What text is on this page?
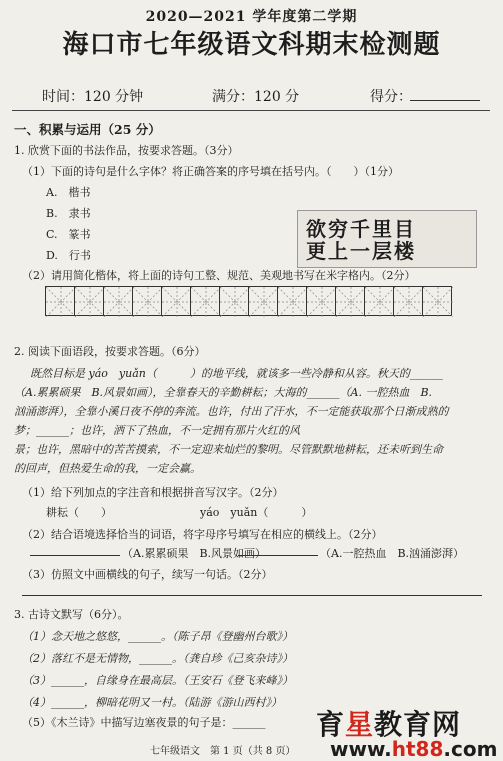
2020—2021 学年度第二学期
海口市七年级语文科期末检测题
时间：120 分钟	满分：120 分	得分：
一、积累与运用（25 分）
1. 欣赏下面的书法作品，按要求答题。（3分）
（1）下面的诗句是什么字体？将正确答案的序号填在括号内。（　　）（1分）
A.　楷书
B.　隶书
C.　篆书
D.　行书
欲穷千里目
更上一层楼
（2）请用简化楷体，将上面的诗句工整、规范、美观地书写在米字格内。（2分）
2. 阅读下面语段，按要求答题。（6分）
既然目标是 yáo　yuǎn（　　　）的地平线，就该多一些冷静和从容。秋天的______
（A.累累硕果　B.风景如画），全靠春天的辛勤耕耘；大海的______（A. 一腔热血　B.
汹涌澎湃），全靠小溪日夜不停的奔流。也许，付出了汗水，不一定能获取那个日渐成熟的
梦；______；也许，洒下了热血，不一定拥有那片火红的风
景；也许，黑暗中的苦苦摸索，不一定迎来灿烂的黎明。尽管默默地耕耘，还未听到生命
的回声，但热爱生命的我，一定会赢。
（1）给下列加点的字注音和根据拼音写汉字。（2分）
耕耘（　　）	yáo　yuǎn（　　　）
（2）结合语境选择恰当的词语，将字母序号填写在相应的横线上。（2分）
（A.累累硕果　B.风景如画）	（A.一腔热血　B.汹涌澎湃）
（3）仿照文中画横线的句子，续写一句话。（2分）
3. 古诗文默写（6分）。
（1）念天地之悠悠，______。（陈子昂《登幽州台歌》）
（2）落红不是无情物，______。（龚自珍《己亥杂诗》）
（3）______，自缘身在最高层。（王安石《登飞来峰》）
（4）______，柳暗花明又一村。（陆游《游山西村》）
（5）《木兰诗》中描写边塞夜景的句子是：______ 育星教育网
www.ht88.com
七年级语文　第 1 页（共 8 页）
